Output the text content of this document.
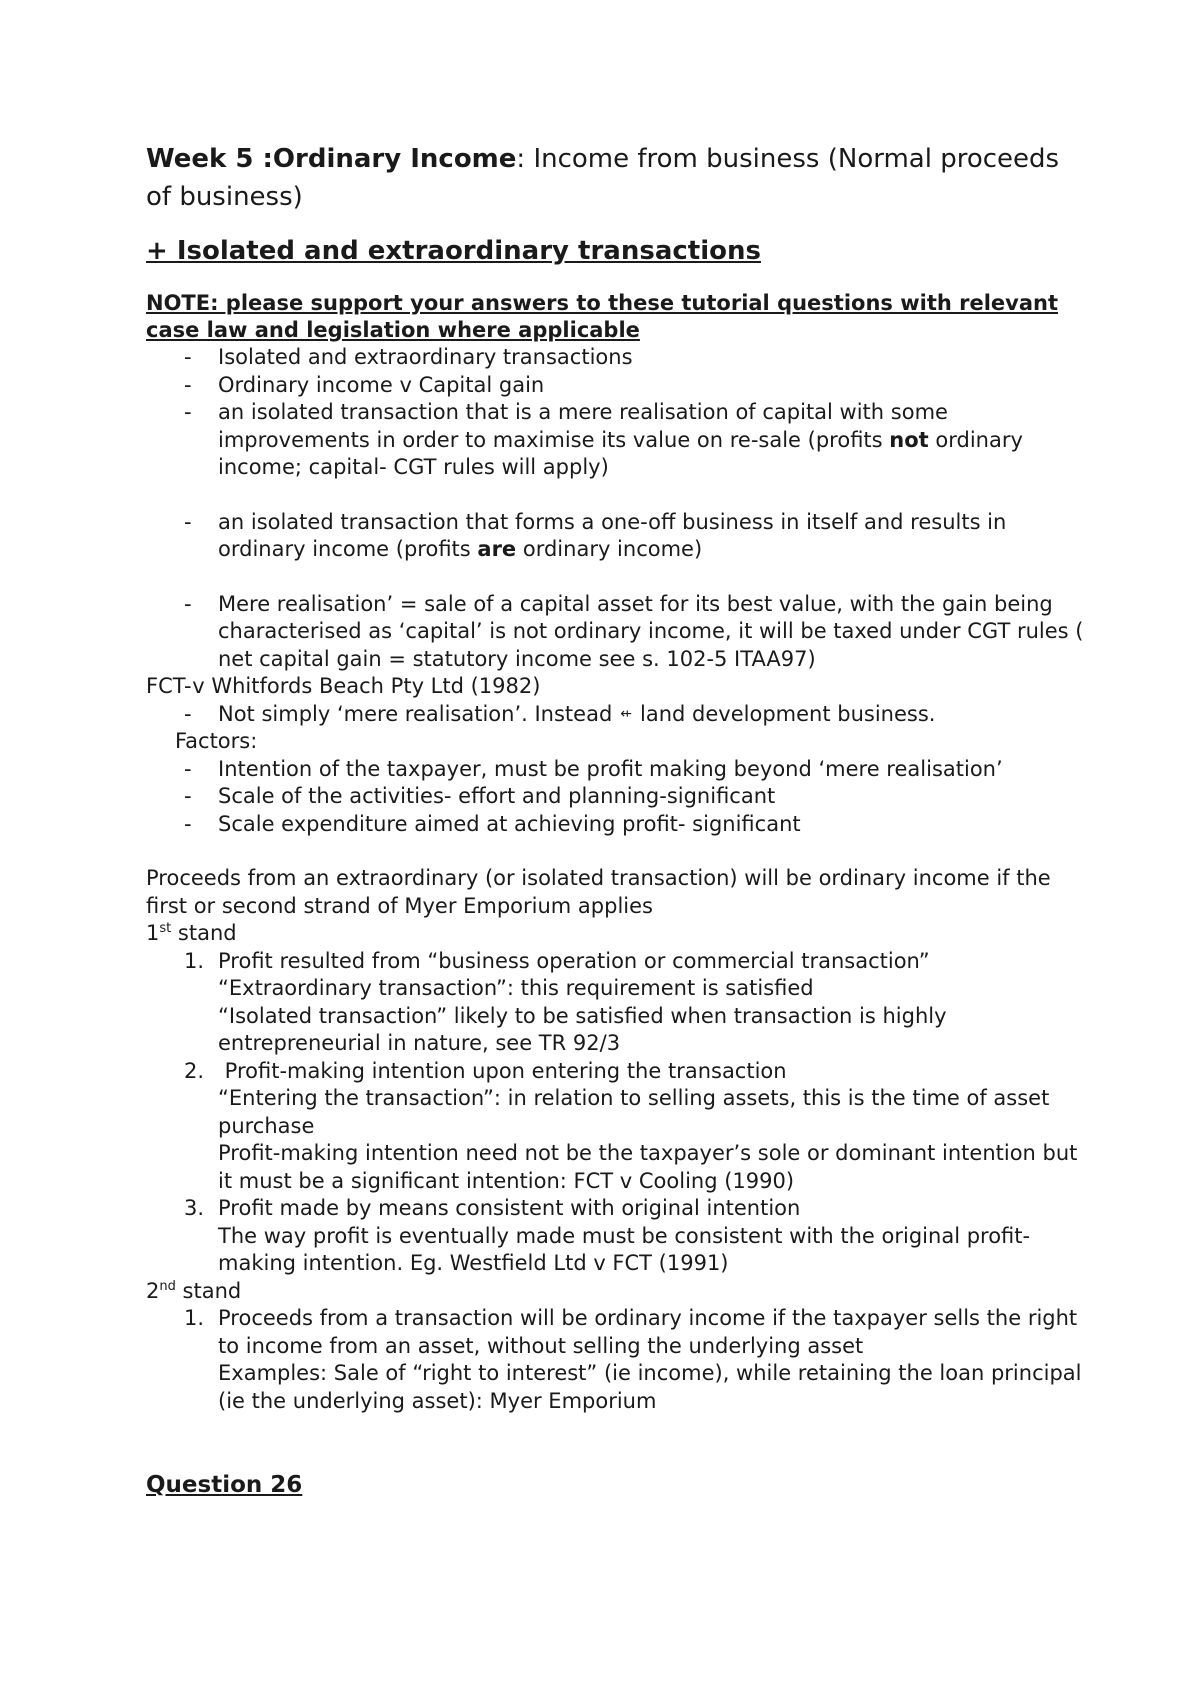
Week 5 :Ordinary Income: Income from business (Normal proceeds of business)
+ Isolated and extraordinary transactions
NOTE: please support your answers to these tutorial questions with relevant case law and legislation where applicable
- Isolated and extraordinary transactions
- Ordinary income v Capital gain
- an isolated transaction that is a mere realisation of capital with some improvements in order to maximise its value on re-sale (profits not ordinary income; capital- CGT rules will apply)
- an isolated transaction that forms a one-off business in itself and results in ordinary income (profits are ordinary income)
- Mere realisation’ = sale of a capital asset for its best value, with the gain being characterised as ‘capital’ is not ordinary income, it will be taxed under CGT rules ( net capital gain = statutory income see s. 102-5 ITAA97)
FCT v Whitfords Beach Pty Ltd (1982)
- Not simply ‘mere realisation’. Instead ⇷ land development business.
Factors:
- Intention of the taxpayer, must be profit making beyond ‘mere realisation’
- Scale of the activities- effort and planning-significant
- Scale expenditure aimed at achieving profit- significant
Proceeds from an extraordinary (or isolated transaction) will be ordinary income if the first or second strand of Myer Emporium applies
1st stand
1. Profit resulted from “business operation or commercial transaction”
“Extraordinary transaction”: this requirement is satisfied
“Isolated transaction” likely to be satisfied when transaction is highly entrepreneurial in nature, see TR 92/3
2. Profit-making intention upon entering the transaction
“Entering the transaction”: in relation to selling assets, this is the time of asset purchase
Profit-making intention need not be the taxpayer’s sole or dominant intention but it must be a significant intention: FCT v Cooling (1990)
3. Profit made by means consistent with original intention
The way profit is eventually made must be consistent with the original profit-making intention. Eg. Westfield Ltd v FCT (1991)
2nd stand
1. Proceeds from a transaction will be ordinary income if the taxpayer sells the right to income from an asset, without selling the underlying asset
Examples: Sale of “right to interest” (ie income), while retaining the loan principal (ie the underlying asset): Myer Emporium
Question 26
